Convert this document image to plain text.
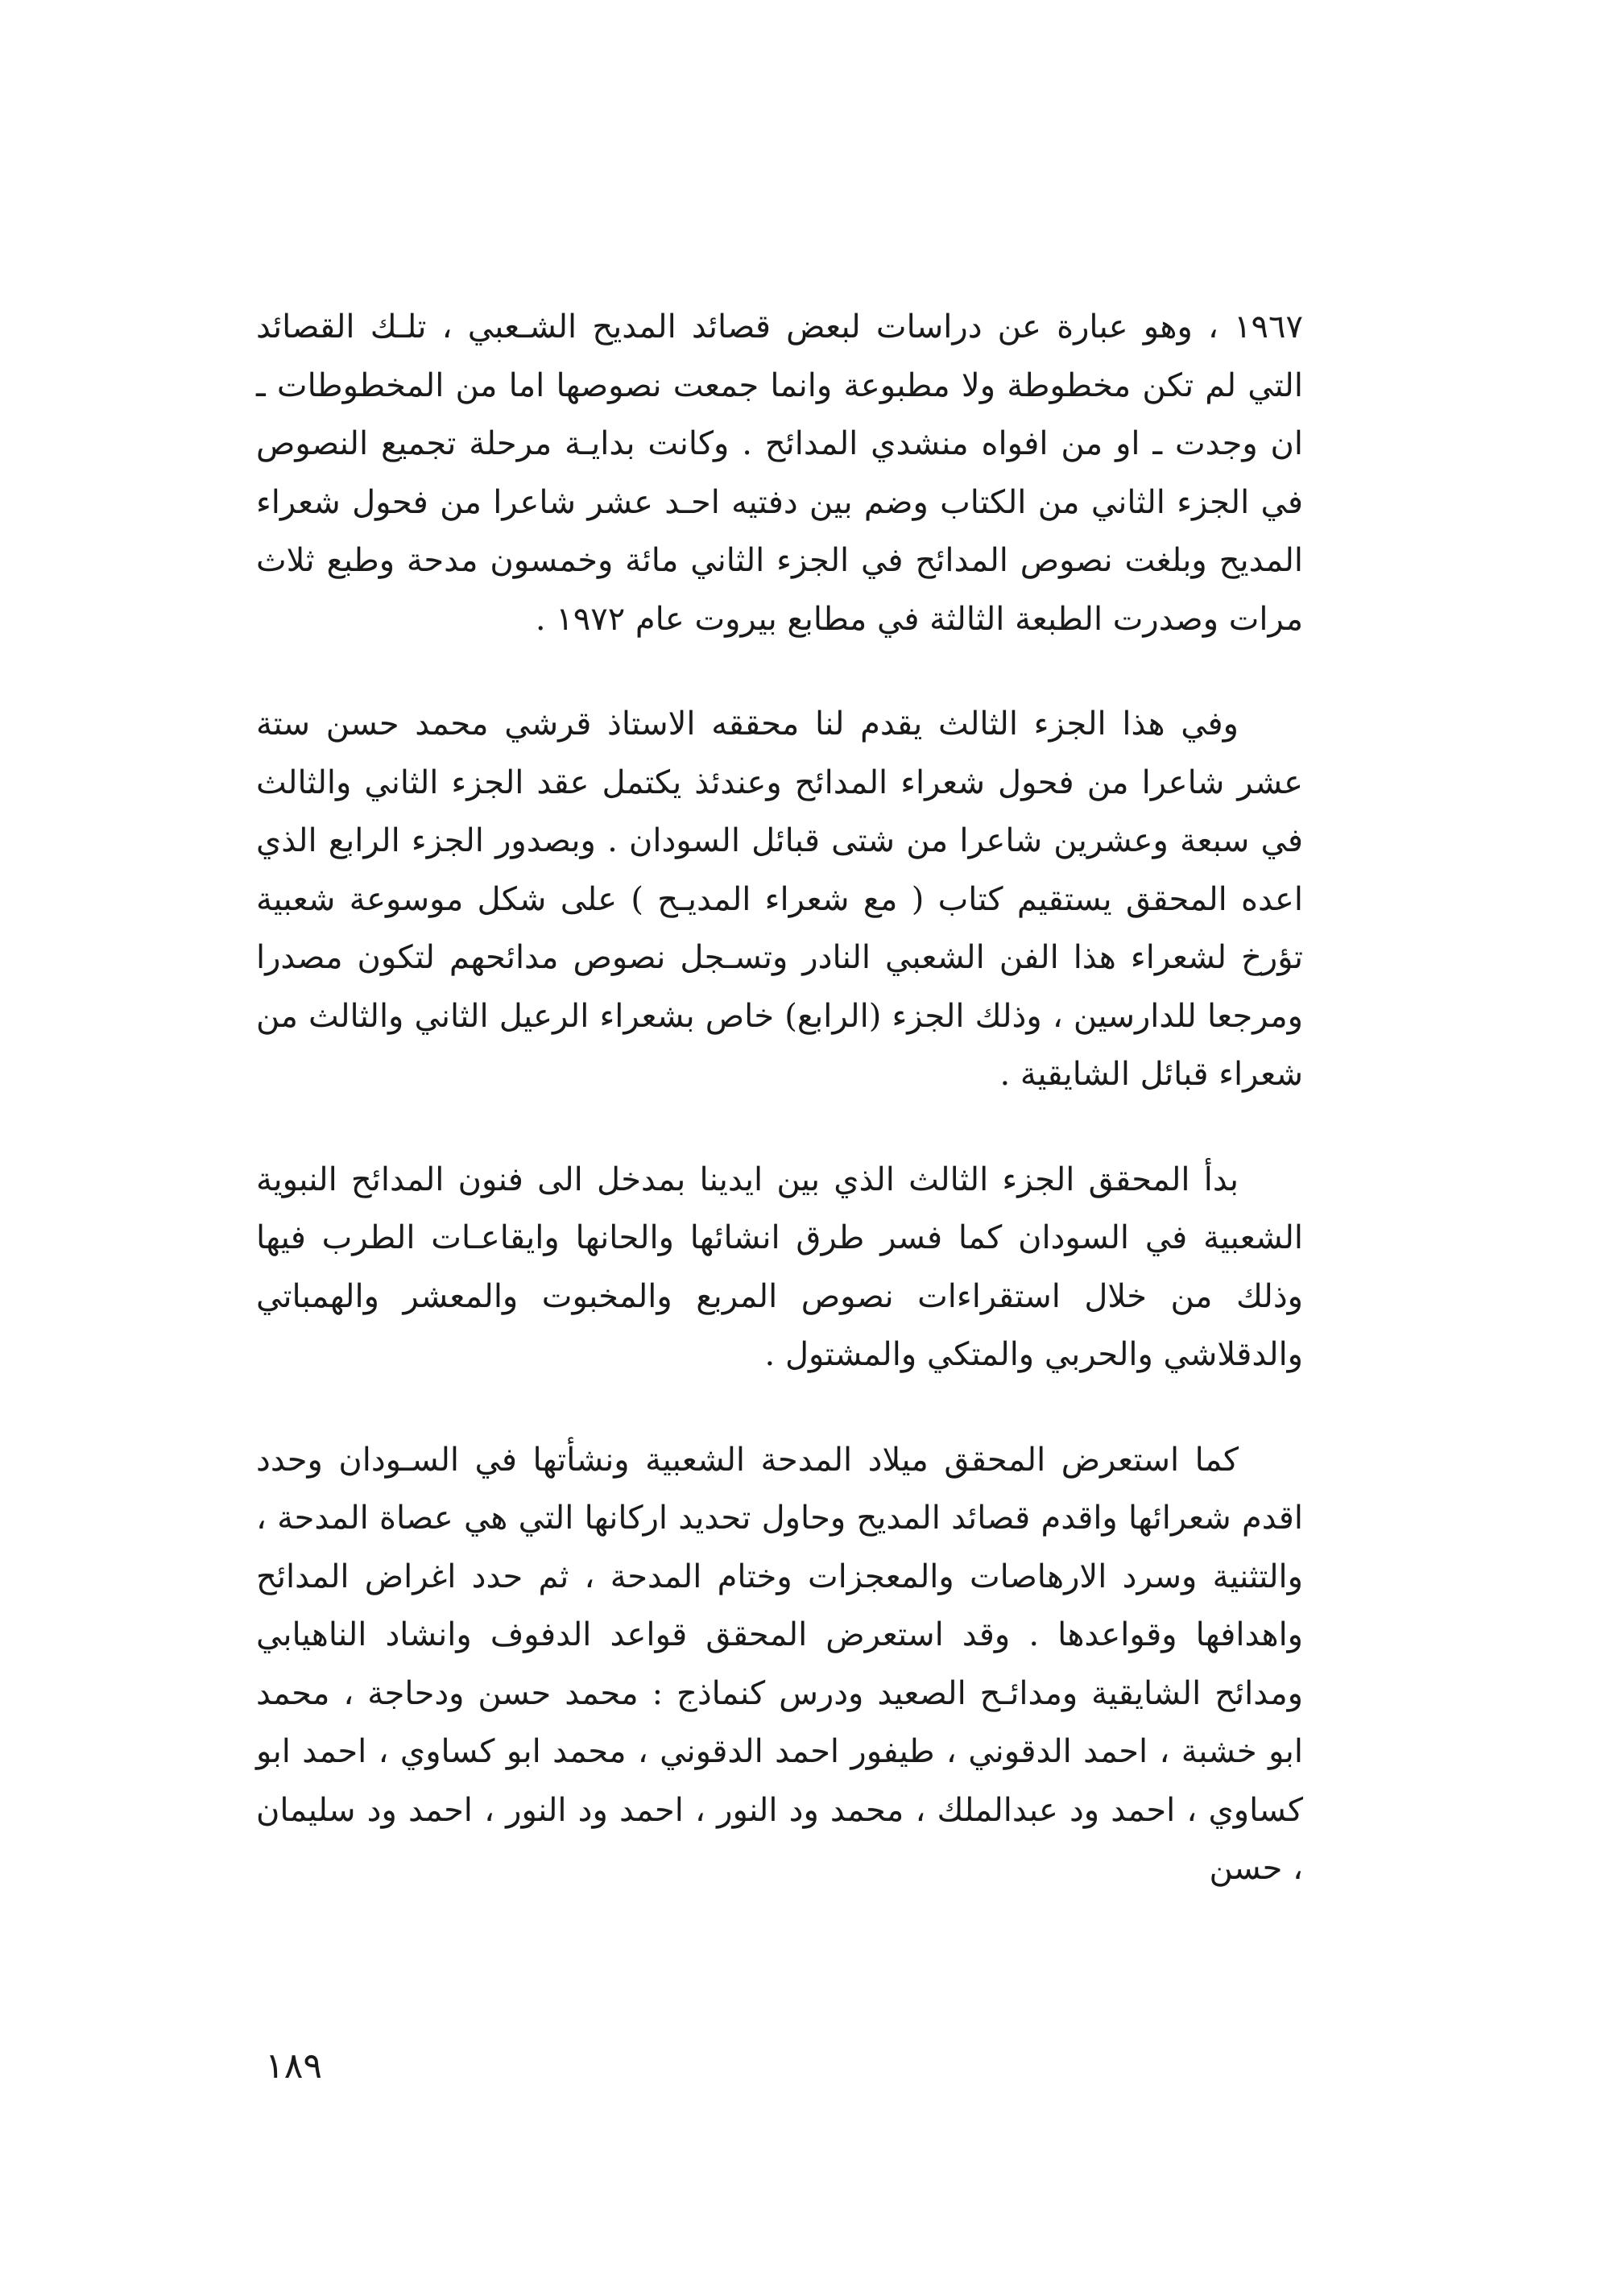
١٩٦٧ ، وهو عبارة عن دراسات لبعض قصائد المديح الشـعبي ، تلـك القصائد التي لم تكن مخطوطة ولا مطبوعة وانما جمعت نصوصها اما من المخطوطات ـ ان وجدت ـ او من افواه منشدي المدائح . وكانت بدايـة مرحلة تجميع النصوص في الجزء الثاني من الكتاب وضم بين دفتيه احـد عشر شاعرا من فحول شعراء المديح وبلغت نصوص المدائح في الجزء الثاني مائة وخمسون مدحة وطبع ثلاث مرات وصدرت الطبعة الثالثة في مطابع بيروت عام ١٩٧٢ .

وفي هذا الجزء الثالث يقدم لنا محققه الاستاذ قرشي محمد حسن ستة عشر شاعرا من فحول شعراء المدائح وعندئذ يكتمل عقد الجزء الثاني والثالث في سبعة وعشرين شاعرا من شتى قبائل السودان . وبصدور الجزء الرابع الذي اعده المحقق يستقيم كتاب ( مع شعراء المديـح ) على شكل موسوعة شعبية تؤرخ لشعراء هذا الفن الشعبي النادر وتسـجل نصوص مدائحهم لتكون مصدرا ومرجعا للدارسين ، وذلك الجزء (الرابع) خاص بشعراء الرعيل الثاني والثالث من شعراء قبائل الشايقية .

بدأ المحقق الجزء الثالث الذي بين ايدينا بمدخل الى فنون المدائح النبوية الشعبية في السودان كما فسر طرق انشائها والحانها وايقاعـات الطرب فيها وذلك من خلال استقراءات نصوص المربع والمخبوت والمعشر والهمباتي والدقلاشي والحربي والمتكي والمشتول .

كما استعرض المحقق ميلاد المدحة الشعبية ونشأتها في السـودان وحدد اقدم شعرائها واقدم قصائد المديح وحاول تحديد اركانها التي هي عصاة المدحة ، والتثنية وسرد الارهاصات والمعجزات وختام المدحة ، ثم حدد اغراض المدائح واهدافها وقواعدها . وقد استعرض المحقق قواعد الدفوف وانشاد الناهيابي ومدائح الشايقية ومدائـح الصعيد ودرس كنماذج : محمد حسن ودحاجة ، محمد ابو خشبة ، احمد الدقوني ، طيفور احمد الدقوني ، محمد ابو كساوي ، احمد ابو كساوي ، احمد ود عبدالملك ، محمد ود النور ، احمد ود النور ، احمد ود سليمان ، حسن

١٨٩
